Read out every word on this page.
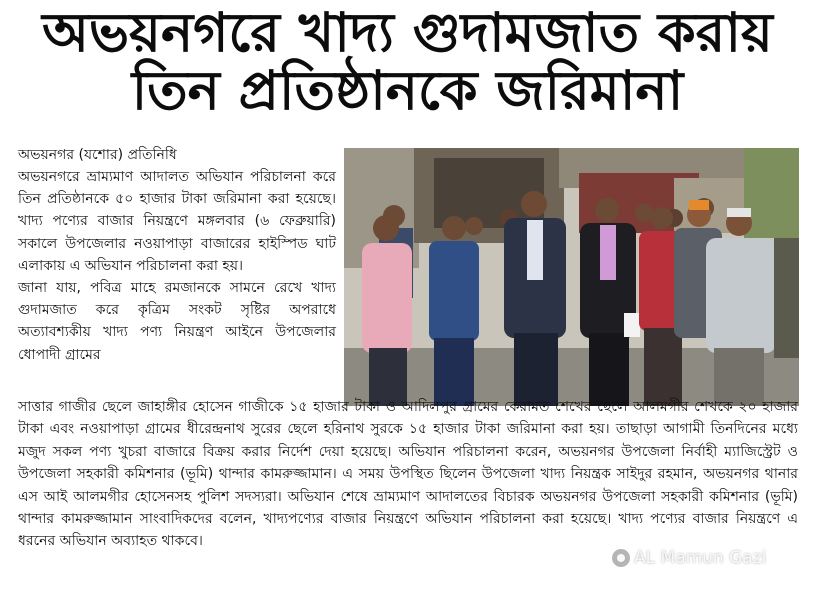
অভয়নগরে খাদ্য গুদামজাত করায়
তিন প্রতিষ্ঠানকে জরিমানা
অভয়নগর (যশোর) প্রতিনিধি

অভয়নগরে ভ্রাম্যমাণ আদালত অভিযান পরিচালনা করে তিন প্রতিষ্ঠানকে ৫০ হাজার টাকা জরিমানা করা হয়েছে। খাদ্য পণ্যের বাজার নিয়ন্ত্রণে মঙ্গলবার (৬ ফেব্রুয়ারি) সকালে উপজেলার নওয়াপাড়া বাজারের হাইস্পিড ঘাট এলাকায় এ অভিযান পরিচালনা করা হয়।

জানা যায়, পবিত্র মাহে রমজানকে সামনে রেখে খাদ্য গুদামজাত করে কৃত্রিম সংকট সৃষ্টির অপরাধে অত্যাবশ্যকীয় খাদ্য পণ্য নিয়ন্ত্রণ আইনে উপজেলার ধোপাদী গ্রামের

সাত্তার গাজীর ছেলে জাহাঙ্গীর হোসেন গাজীকে ১৫ হাজার টাকা ও আদিলপুর গ্রামের কেরামত শেখের ছেলে আলমগীর শেখকে ২০ হাজার টাকা এবং নওয়াপাড়া গ্রামের ধীরেন্দ্রনাথ সুরের ছেলে হরিনাথ সুরকে ১৫ হাজার টাকা জরিমানা করা হয়। তাছাড়া আগামী তিনদিনের মধ্যে মজুদ সকল পণ্য খুচরা বাজারে বিক্রয় করার নির্দেশ দেয়া হয়েছে। অভিযান পরিচালনা করেন, অভয়নগর উপজেলা নির্বাহী ম্যাজিস্ট্রেট ও উপজেলা সহকারী কমিশনার (ভূমি) থান্দার কামরুজ্জামান। এ সময় উপস্থিত ছিলেন উপজেলা খাদ্য নিয়ন্ত্রক সাইদুর রহমান, অভয়নগর থানার এস আই আলমগীর হোসেনসহ পুলিশ সদস্যরা। অভিযান শেষে ভ্রাম্যমাণ আদালতের বিচারক অভয়নগর উপজেলা সহকারী কমিশনার (ভূমি) থান্দার কামরুজ্জামান সাংবাদিকদের বলেন, খাদ্যপণ্যের বাজার নিয়ন্ত্রণে অভিযান পরিচালনা করা হয়েছে। খাদ্য পণ্যের বাজার নিয়ন্ত্রণে এ ধরনের অভিযান অব্যাহত থাকবে।

AL Mamun Gazi
